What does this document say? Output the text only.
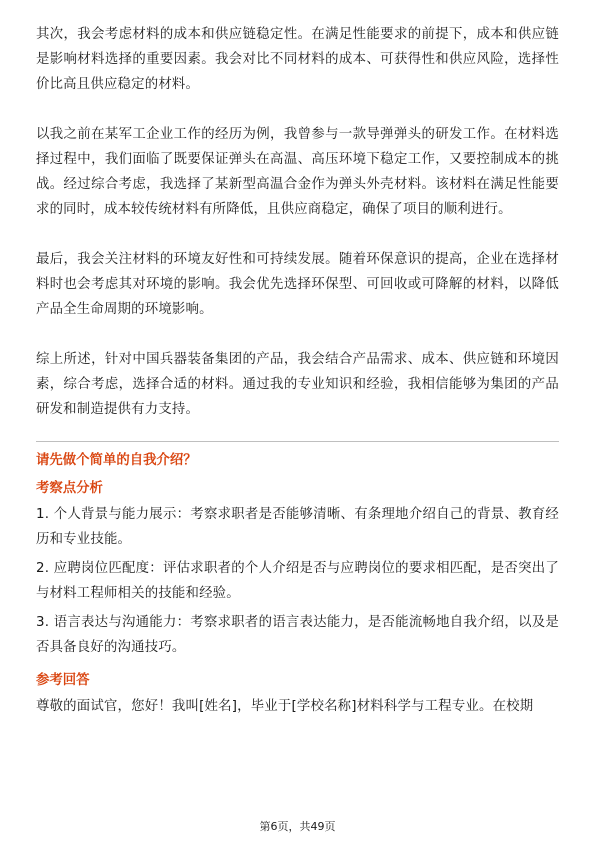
其次，我会考虑材料的成本和供应链稳定性。在满足性能要求的前提下，成本和供应链是影响材料选择的重要因素。我会对比不同材料的成本、可获得性和供应风险，选择性价比高且供应稳定的材料。

以我之前在某军工企业工作的经历为例，我曾参与一款导弹弹头的研发工作。在材料选择过程中，我们面临了既要保证弹头在高温、高压环境下稳定工作，又要控制成本的挑战。经过综合考虑，我选择了某新型高温合金作为弹头外壳材料。该材料在满足性能要求的同时，成本较传统材料有所降低，且供应商稳定，确保了项目的顺利进行。

最后，我会关注材料的环境友好性和可持续发展。随着环保意识的提高，企业在选择材料时也会考虑其对环境的影响。我会优先选择环保型、可回收或可降解的材料，以降低产品全生命周期的环境影响。

综上所述，针对中国兵器装备集团的产品，我会结合产品需求、成本、供应链和环境因素，综合考虑，选择合适的材料。通过我的专业知识和经验，我相信能够为集团的产品研发和制造提供有力支持。

请先做个简单的自我介绍？
考察点分析
1. 个人背景与能力展示：考察求职者是否能够清晰、有条理地介绍自己的背景、教育经历和专业技能。
2. 应聘岗位匹配度：评估求职者的个人介绍是否与应聘岗位的要求相匹配，是否突出了与材料工程师相关的技能和经验。
3. 语言表达与沟通能力：考察求职者的语言表达能力，是否能流畅地自我介绍，以及是否具备良好的沟通技巧。
参考回答

尊敬的面试官，您好！我叫[姓名]，毕业于[学校名称]材料科学与工程专业。在校期

第6页，共49页
